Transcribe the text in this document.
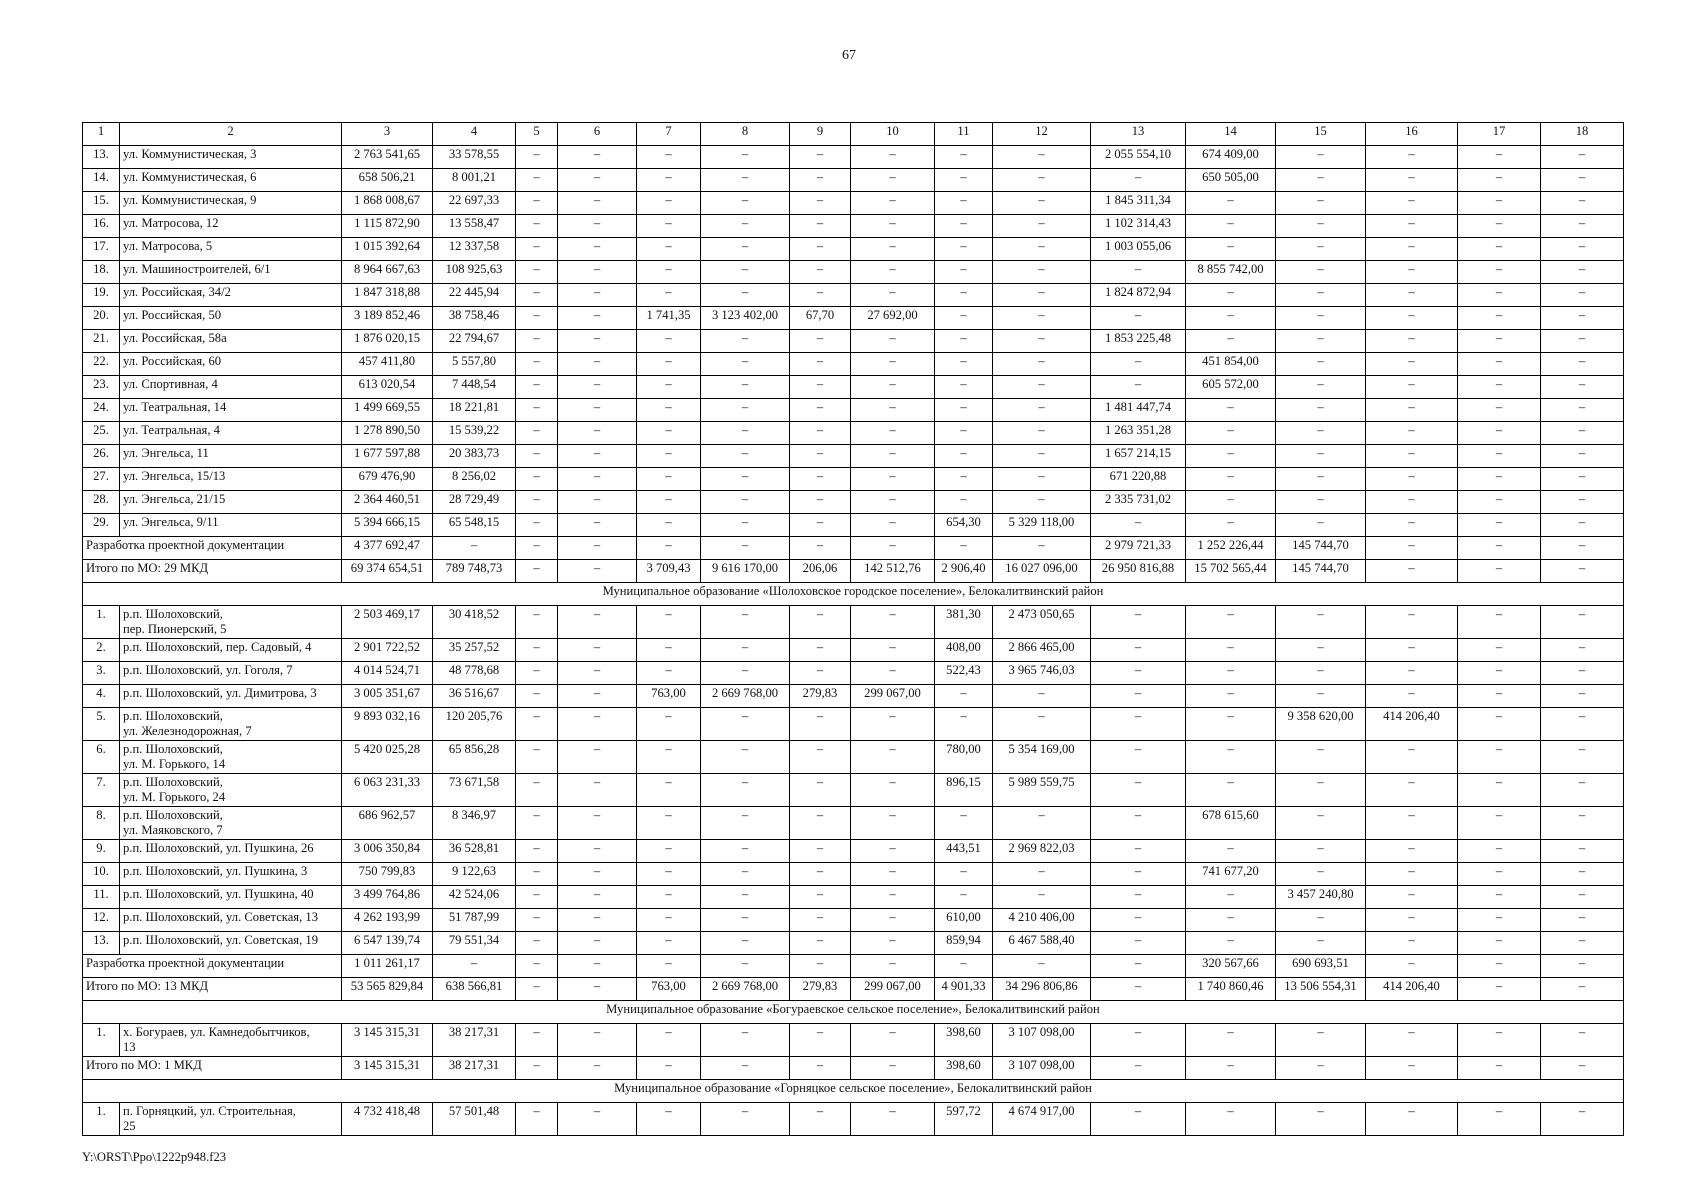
67
1	2	3	4	5	6	7	8	9	10	11	12	13	14	15	16	17	18
13.	ул. Коммунистическая, 3	2 763 541,65	33 578,55	–	–	–	–	–	–	–	–	2 055 554,10	674 409,00	–	–	–	–
14.	ул. Коммунистическая, 6	658 506,21	8 001,21	–	–	–	–	–	–	–	–	–	650 505,00	–	–	–	–
15.	ул. Коммунистическая, 9	1 868 008,67	22 697,33	–	–	–	–	–	–	–	–	1 845 311,34	–	–	–	–	–
16.	ул. Матросова, 12	1 115 872,90	13 558,47	–	–	–	–	–	–	–	–	1 102 314,43	–	–	–	–	–
17.	ул. Матросова, 5	1 015 392,64	12 337,58	–	–	–	–	–	–	–	–	1 003 055,06	–	–	–	–	–
18.	ул. Машиностроителей, 6/1	8 964 667,63	108 925,63	–	–	–	–	–	–	–	–	–	8 855 742,00	–	–	–	–
19.	ул. Российская, 34/2	1 847 318,88	22 445,94	–	–	–	–	–	–	–	–	1 824 872,94	–	–	–	–	–
20.	ул. Российская, 50	3 189 852,46	38 758,46	–	–	1 741,35	3 123 402,00	67,70	27 692,00	–	–	–	–	–	–	–	–
21.	ул. Российская, 58а	1 876 020,15	22 794,67	–	–	–	–	–	–	–	–	1 853 225,48	–	–	–	–	–
22.	ул. Российская, 60	457 411,80	5 557,80	–	–	–	–	–	–	–	–	–	451 854,00	–	–	–	–
23.	ул. Спортивная, 4	613 020,54	7 448,54	–	–	–	–	–	–	–	–	–	605 572,00	–	–	–	–
24.	ул. Театральная, 14	1 499 669,55	18 221,81	–	–	–	–	–	–	–	–	1 481 447,74	–	–	–	–	–
25.	ул. Театральная, 4	1 278 890,50	15 539,22	–	–	–	–	–	–	–	–	1 263 351,28	–	–	–	–	–
26.	ул. Энгельса, 11	1 677 597,88	20 383,73	–	–	–	–	–	–	–	–	1 657 214,15	–	–	–	–	–
27.	ул. Энгельса, 15/13	679 476,90	8 256,02	–	–	–	–	–	–	–	–	671 220,88	–	–	–	–	–
28.	ул. Энгельса, 21/15	2 364 460,51	28 729,49	–	–	–	–	–	–	–	–	2 335 731,02	–	–	–	–	–
29.	ул. Энгельса, 9/11	5 394 666,15	65 548,15	–	–	–	–	–	–	654,30	5 329 118,00	–	–	–	–	–	–
Разработка проектной документации		4 377 692,47	–	–	–	–	–	–	–	–	–	2 979 721,33	1 252 226,44	145 744,70	–	–	–
Итого по МО: 29 МКД		69 374 654,51	789 748,73	–	–	3 709,43	9 616 170,00	206,06	142 512,76	2 906,40	16 027 096,00	26 950 816,88	15 702 565,44	145 744,70	–	–	–
Муниципальное образование «Шолоховское городское поселение», Белокалитвинский район																	
1.	р.п. Шолоховский,
пер. Пионерский, 5	2 503 469,17	30 418,52	–	–	–	–	–	–	381,30	2 473 050,65	–	–	–	–	–	–
2.	р.п. Шолоховский, пер. Садовый, 4	2 901 722,52	35 257,52	–	–	–	–	–	–	408,00	2 866 465,00	–	–	–	–	–	–
3.	р.п. Шолоховский, ул. Гоголя, 7	4 014 524,71	48 778,68	–	–	–	–	–	–	522,43	3 965 746,03	–	–	–	–	–	–
4.	р.п. Шолоховский, ул. Димитрова, 3	3 005 351,67	36 516,67	–	–	763,00	2 669 768,00	279,83	299 067,00	–	–	–	–	–	–	–	–
5.	р.п. Шолоховский,
ул. Железнодорожная, 7	9 893 032,16	120 205,76	–	–	–	–	–	–	–	–	–	–	9 358 620,00	414 206,40	–	–
6.	р.п. Шолоховский,
ул. М. Горького, 14	5 420 025,28	65 856,28	–	–	–	–	–	–	780,00	5 354 169,00	–	–	–	–	–	–
7.	р.п. Шолоховский,
ул. М. Горького, 24	6 063 231,33	73 671,58	–	–	–	–	–	–	896,15	5 989 559,75	–	–	–	–	–	–
8.	р.п. Шолоховский,
ул. Маяковского, 7	686 962,57	8 346,97	–	–	–	–	–	–	–	–	–	678 615,60	–	–	–	–
9.	р.п. Шолоховский, ул. Пушкина, 26	3 006 350,84	36 528,81	–	–	–	–	–	–	443,51	2 969 822,03	–	–	–	–	–	–
10.	р.п. Шолоховский, ул. Пушкина, 3	750 799,83	9 122,63	–	–	–	–	–	–	–	–	–	741 677,20	–	–	–	–
11.	р.п. Шолоховский, ул. Пушкина, 40	3 499 764,86	42 524,06	–	–	–	–	–	–	–	–	–	–	3 457 240,80	–	–	–
12.	р.п. Шолоховский, ул. Советская, 13	4 262 193,99	51 787,99	–	–	–	–	–	–	610,00	4 210 406,00	–	–	–	–	–	–
13.	р.п. Шолоховский, ул. Советская, 19	6 547 139,74	79 551,34	–	–	–	–	–	–	859,94	6 467 588,40	–	–	–	–	–	–
Разработка проектной документации		1 011 261,17	–	–	–	–	–	–	–	–	–	–	320 567,66	690 693,51	–	–	–
Итого по МО: 13 МКД		53 565 829,84	638 566,81	–	–	763,00	2 669 768,00	279,83	299 067,00	4 901,33	34 296 806,86	–	1 740 860,46	13 506 554,31	414 206,40	–	–
Муниципальное образование «Богураевское сельское поселение», Белокалитвинский район																	
1.	х. Богураев, ул. Камнедобытчиков,
13	3 145 315,31	38 217,31	–	–	–	–	–	–	398,60	3 107 098,00	–	–	–	–	–	–
Итого по МО: 1 МКД		3 145 315,31	38 217,31	–	–	–	–	–	–	398,60	3 107 098,00	–	–	–	–	–	–
Муниципальное образование «Горняцкое сельское поселение», Белокалитвинский район																	
1.	п. Горняцкий, ул. Строительная,
25	4 732 418,48	57 501,48	–	–	–	–	–	–	597,72	4 674 917,00	–	–	–	–	–	–
Y:\ORST\Ppo\1222p948.f23
